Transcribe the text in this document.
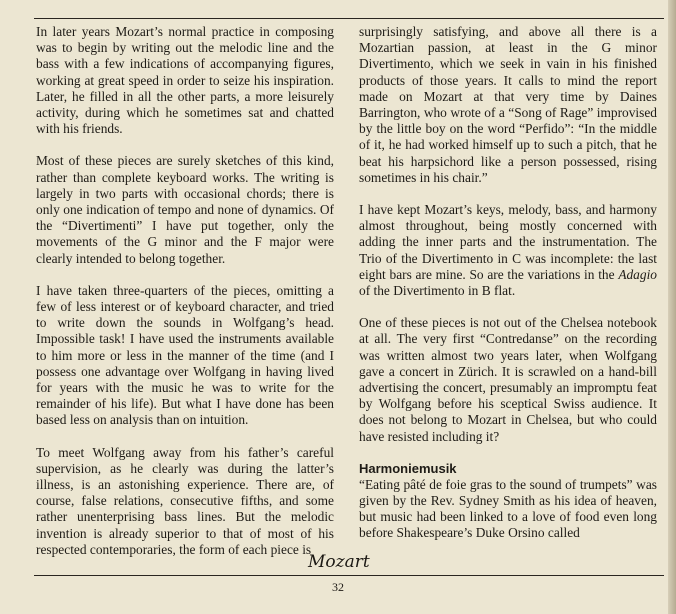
In later years Mozart’s normal practice in composing was to begin by writing out the melodic line and the bass with a few indications of accompanying figures, working at great speed in order to seize his inspiration. Later, he filled in all the other parts, a more leisurely activity, during which he sometimes sat and chatted with his friends.

Most of these pieces are surely sketches of this kind, rather than complete keyboard works. The writing is largely in two parts with occasional chords; there is only one indication of tempo and none of dynamics. Of the “Divertimenti” I have put together, only the movements of the G minor and the F major were clearly intended to belong together.

I have taken three-quarters of the pieces, omitting a few of less interest or of keyboard character, and tried to write down the sounds in Wolfgang’s head. Impossible task! I have used the instruments available to him more or less in the manner of the time (and I possess one advantage over Wolfgang in having lived for years with the music he was to write for the remainder of his life). But what I have done has been based less on analysis than on intuition.

To meet Wolfgang away from his father’s careful supervision, as he clearly was during the latter’s illness, is an astonishing experience. There are, of course, false relations, consecutive fifths, and some rather unenterprising bass lines. But the melodic invention is already superior to that of most of his respected contemporaries, the form of each piece is

surprisingly satisfying, and above all there is a Mozartian passion, at least in the G minor Divertimento, which we seek in vain in his finished products of those years. It calls to mind the report made on Mozart at that very time by Daines Barrington, who wrote of a “Song of Rage” improvised by the little boy on the word “Perfido”: “In the middle of it, he had worked himself up to such a pitch, that he beat his harpsichord like a person possessed, rising sometimes in his chair.”

I have kept Mozart’s keys, melody, bass, and harmony almost throughout, being mostly concerned with adding the inner parts and the instrumentation. The Trio of the Divertimento in C was incomplete: the last eight bars are mine. So are the variations in the Adagio of the Divertimento in B flat.

One of these pieces is not out of the Chelsea notebook at all. The very first “Contredanse” on the recording was written almost two years later, when Wolfgang gave a concert in Zürich. It is scrawled on a hand-bill advertising the concert, presumably an impromptu feat by Wolfgang before his sceptical Swiss audience. It does not belong to Mozart in Chelsea, but who could have resisted including it?

Harmoniemusik

“Eating pâté de foie gras to the sound of trumpets” was given by the Rev. Sydney Smith as his idea of heaven, but music had been linked to a love of food even long before Shakespeare’s Duke Orsino called

Mozart
32
